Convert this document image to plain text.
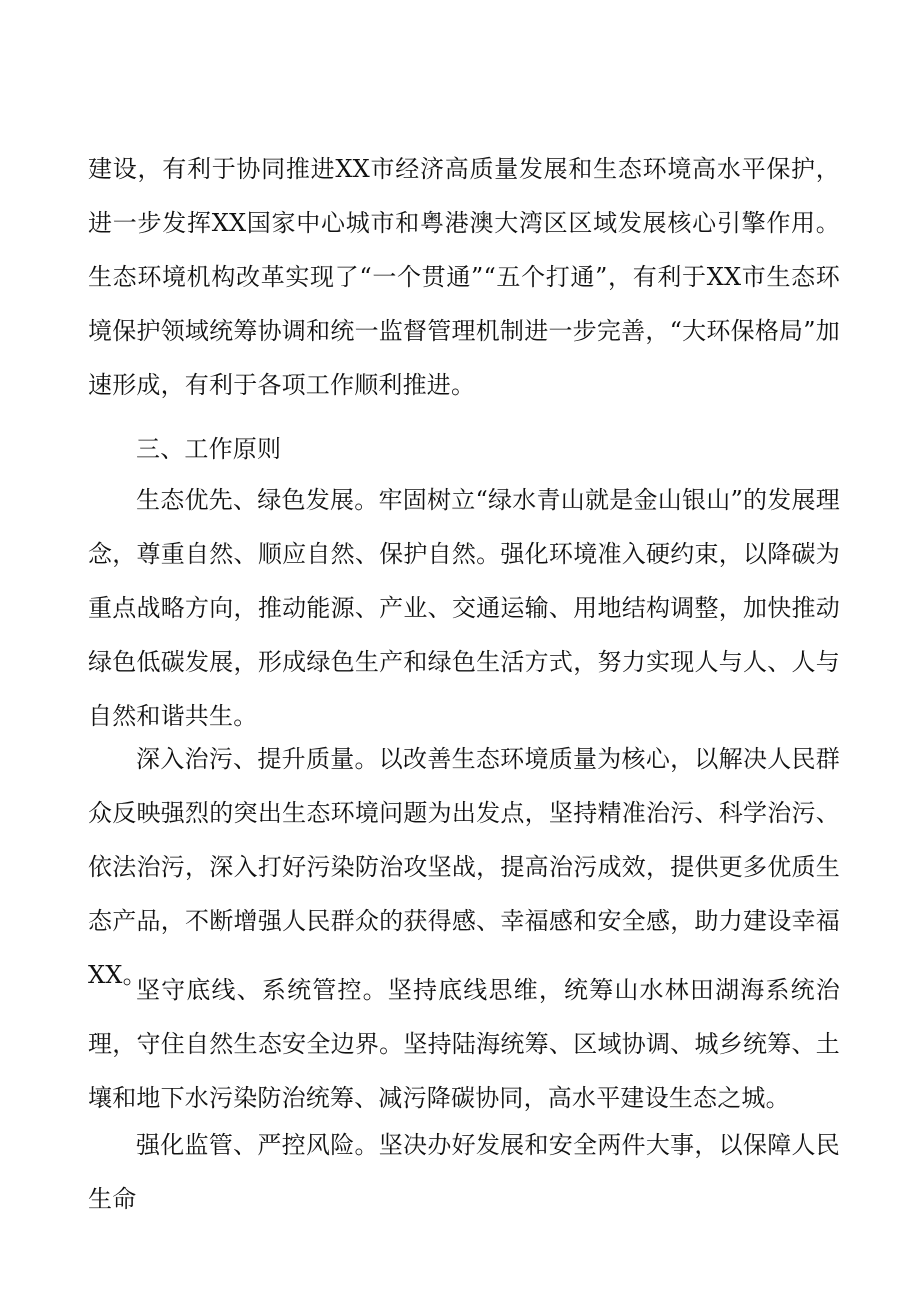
建设，有利于协同推进XX市经济高质量发展和生态环境高水平保护，进一步发挥XX国家中心城市和粤港澳大湾区区域发展核心引擎作用。生态环境机构改革实现了“一个贯通”“五个打通”，有利于XX市生态环境保护领域统筹协调和统一监督管理机制进一步完善，“大环保格局”加速形成，有利于各项工作顺利推进。

三、工作原则

生态优先、绿色发展。牢固树立“绿水青山就是金山银山”的发展理念，尊重自然、顺应自然、保护自然。强化环境准入硬约束，以降碳为重点战略方向，推动能源、产业、交通运输、用地结构调整，加快推动绿色低碳发展，形成绿色生产和绿色生活方式，努力实现人与人、人与自然和谐共生。

深入治污、提升质量。以改善生态环境质量为核心，以解决人民群众反映强烈的突出生态环境问题为出发点，坚持精准治污、科学治污、依法治污，深入打好污染防治攻坚战，提高治污成效，提供更多优质生态产品，不断增强人民群众的获得感、幸福感和安全感，助力建设幸福XX。

坚守底线、系统管控。坚持底线思维，统筹山水林田湖海系统治理，守住自然生态安全边界。坚持陆海统筹、区域协调、城乡统筹、土壤和地下水污染防治统筹、减污降碳协同，高水平建设生态之城。

强化监管、严控风险。坚决办好发展和安全两件大事，以保障人民生命
